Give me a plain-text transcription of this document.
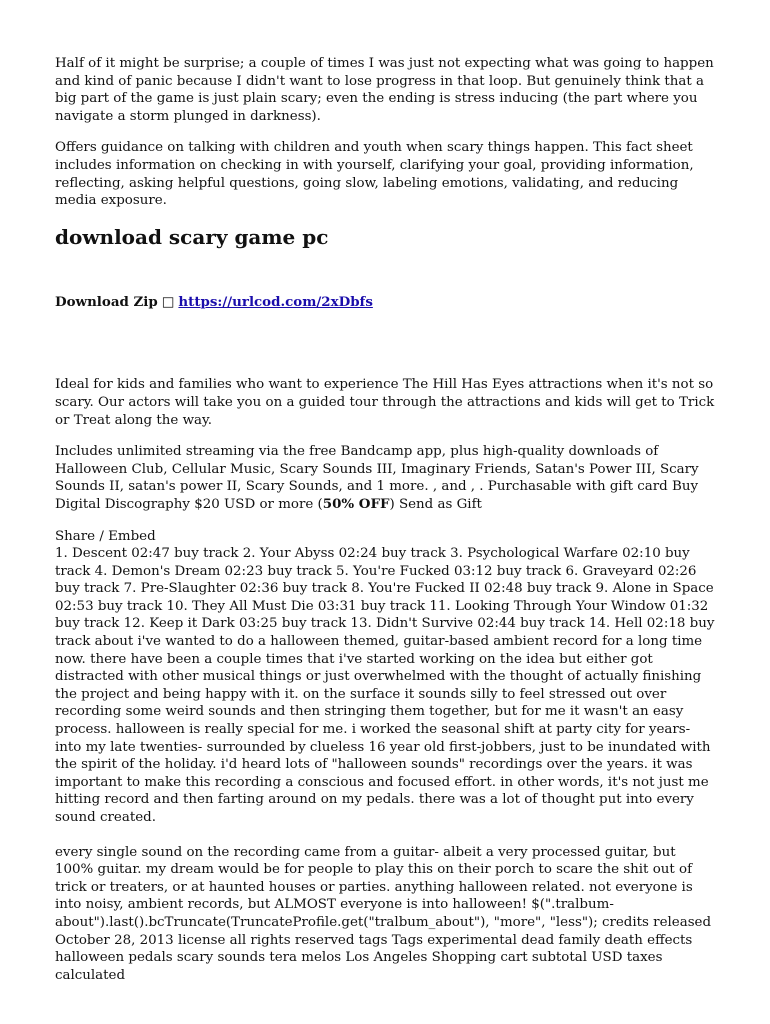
Half of it might be surprise; a couple of times I was just not expecting what was going to happen and kind of panic because I didn't want to lose progress in that loop. But genuinely think that a big part of the game is just plain scary; even the ending is stress inducing (the part where you navigate a storm plunged in darkness).

Offers guidance on talking with children and youth when scary things happen. This fact sheet includes information on checking in with yourself, clarifying your goal, providing information, reflecting, asking helpful questions, going slow, labeling emotions, validating, and reducing media exposure.

download scary game pc
Download Zip □ https://urlcod.com/2xDbfs

Ideal for kids and families who want to experience The Hill Has Eyes attractions when it's not so scary. Our actors will take you on a guided tour through the attractions and kids will get to Trick or Treat along the way.

Includes unlimited streaming via the free Bandcamp app, plus high-quality downloads of Halloween Club, Cellular Music, Scary Sounds III, Imaginary Friends, Satan's Power III, Scary Sounds II, satan's power II, Scary Sounds, and 1 more. , and , . Purchasable with gift card Buy Digital Discography $20 USD or more (50% OFF) Send as Gift

Share / Embed
1. Descent 02:47 buy track 2. Your Abyss 02:24 buy track 3. Psychological Warfare 02:10 buy track 4. Demon's Dream 02:23 buy track 5. You're Fucked 03:12 buy track 6. Graveyard 02:26 buy track 7. Pre-Slaughter 02:36 buy track 8. You're Fucked II 02:48 buy track 9. Alone in Space 02:53 buy track 10. They All Must Die 03:31 buy track 11. Looking Through Your Window 01:32 buy track 12. Keep it Dark 03:25 buy track 13. Didn't Survive 02:44 buy track 14. Hell 02:18 buy track about i've wanted to do a halloween themed, guitar-based ambient record for a long time now. there have been a couple times that i've started working on the idea but either got distracted with other musical things or just overwhelmed with the thought of actually finishing the project and being happy with it. on the surface it sounds silly to feel stressed out over recording some weird sounds and then stringing them together, but for me it wasn't an easy process. halloween is really special for me. i worked the seasonal shift at party city for years- into my late twenties- surrounded by clueless 16 year old first-jobbers, just to be inundated with the spirit of the holiday. i'd heard lots of "halloween sounds" recordings over the years. it was important to make this recording a conscious and focused effort. in other words, it's not just me hitting record and then farting around on my pedals. there was a lot of thought put into every sound created.

every single sound on the recording came from a guitar- albeit a very processed guitar, but 100% guitar. my dream would be for people to play this on their porch to scare the shit out of trick or treaters, or at haunted houses or parties. anything halloween related. not everyone is into noisy, ambient records, but ALMOST everyone is into halloween! $(".tralbum-about").last().bcTruncate(TruncateProfile.get("tralbum_about"), "more", "less"); credits released October 28, 2013 license all rights reserved tags Tags experimental dead family death effects halloween pedals scary sounds tera melos Los Angeles Shopping cart subtotal USD taxes calculated
